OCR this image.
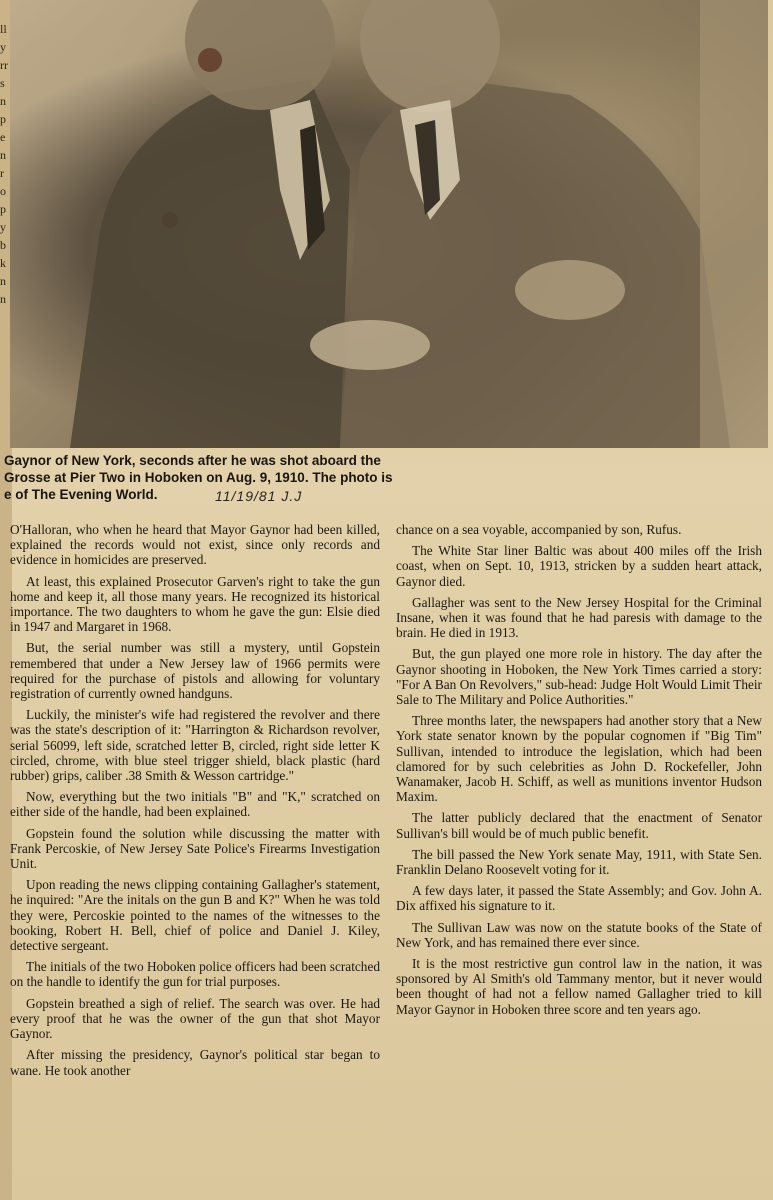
ll
y
rr
s
n
p
e
n
r
o
p
y
b
k
n
n
Gaynor of New York, seconds after he was shot aboard the
Grosse at Pier Two in Hoboken on Aug. 9, 1910. The photo is
e of The Evening World.	11/19/81 J.J

O'Halloran, who when he heard that Mayor Gaynor had been killed, explained the records would not exist, since only records and evidence in homicides are preserved.

At least, this explained Prosecutor Garven's right to take the gun home and keep it, all those many years. He recognized its historical importance. The two daughters to whom he gave the gun: Elsie died in 1947 and Margaret in 1968.

But, the serial number was still a mystery, until Gopstein remembered that under a New Jersey law of 1966 permits were required for the purchase of pistols and allowing for voluntary registration of currently owned handguns.

Luckily, the minister's wife had registered the revolver and there was the state's description of it: "Harrington & Richardson revolver, serial 56099, left side, scratched letter B, circled, right side letter K circled, chrome, with blue steel trigger shield, black plastic (hard rubber) grips, caliber .38 Smith & Wesson cartridge."

Now, everything but the two initials "B" and "K," scratched on either side of the handle, had been explained.

Gopstein found the solution while discussing the matter with Frank Percoskie, of New Jersey Sate Police's Firearms Investigation Unit.

Upon reading the news clipping containing Gallagher's statement, he inquired: "Are the initals on the gun B and K?" When he was told they were, Percoskie pointed to the names of the witnesses to the booking, Robert H. Bell, chief of police and Daniel J. Kiley, detective sergeant.

The initials of the two Hoboken police officers had been scratched on the handle to identify the gun for trial purposes.

Gopstein breathed a sigh of relief. The search was over. He had every proof that he was the owner of the gun that shot Mayor Gaynor.

After missing the presidency, Gaynor's political star began to wane. He took another

chance on a sea voyable, accompanied by son, Rufus.

The White Star liner Baltic was about 400 miles off the Irish coast, when on Sept. 10, 1913, stricken by a sudden heart attack, Gaynor died.

Gallagher was sent to the New Jersey Hospital for the Criminal Insane, when it was found that he had paresis with damage to the brain. He died in 1913.

But, the gun played one more role in history. The day after the Gaynor shooting in Hoboken, the New York Times carried a story: "For A Ban On Revolvers," sub-head: Judge Holt Would Limit Their Sale to The Military and Police Authorities."

Three months later, the newspapers had another story that a New York state senator known by the popular cognomen if "Big Tim" Sullivan, intended to introduce the legislation, which had been clamored for by such celebrities as John D. Rockefeller, John Wanamaker, Jacob H. Schiff, as well as munitions inventor Hudson Maxim.

The latter publicly declared that the enactment of Senator Sullivan's bill would be of much public benefit.

The bill passed the New York senate May, 1911, with State Sen. Franklin Delano Roosevelt voting for it.

A few days later, it passed the State Assembly; and Gov. John A. Dix affixed his signature to it.

The Sullivan Law was now on the statute books of the State of New York, and has remained there ever since.

It is the most restrictive gun control law in the nation, it was sponsored by Al Smith's old Tammany mentor, but it never would been thought of had not a fellow named Gallagher tried to kill Mayor Gaynor in Hoboken three score and ten years ago.
